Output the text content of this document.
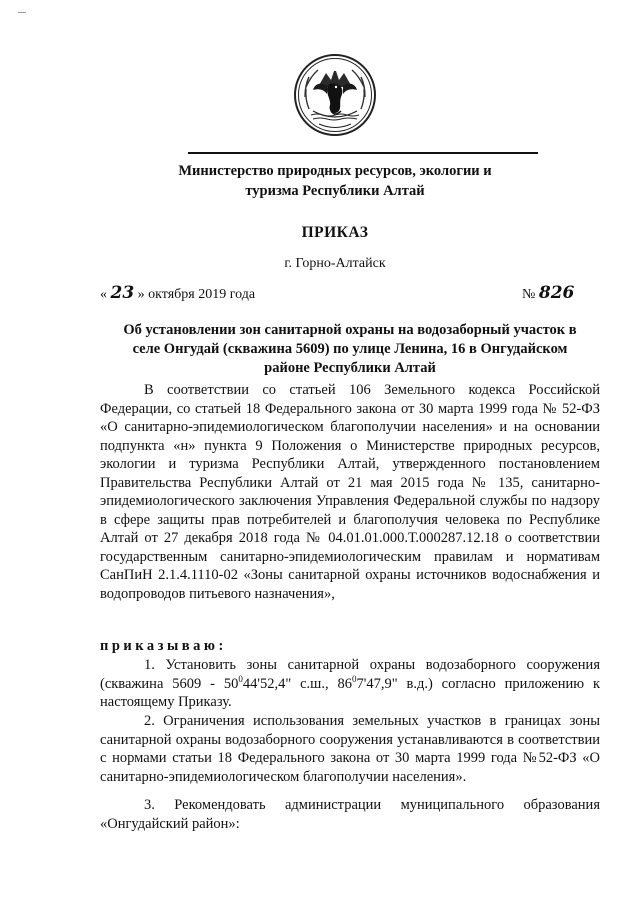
Министерство природных ресурсов, экологии и
туризма Республики Алтай
ПРИКАЗ
г. Горно-Алтайск
« 23 » октября 2019 года	№ 826
Об установлении зон санитарной охраны на водозаборный участок в
селе Онгудай (скважина 5609) по улице Ленина, 16 в Онгудайском
районе Республики Алтай

В соответствии со статьей 106 Земельного кодекса Российской Федерации, со статьей 18 Федерального закона от 30 марта 1999 года № 52-ФЗ «О санитарно-эпидемиологическом благополучии населения» и на основании подпункта «н» пункта 9 Положения о Министерстве природных ресурсов, экологии и туризма Республики Алтай, утвержденного постановлением Правительства Республики Алтай от 21 мая 2015 года № 135, санитарно-эпидемиологического заключения Управления Федеральной службы по надзору в сфере защиты прав потребителей и благополучия человека по Республике Алтай от 27 декабря 2018 года № 04.01.01.000.Т.000287.12.18 о соответствии государственным санитарно-эпидемиологическим правилам и нормативам СанПиН 2.1.4.1110-02 «Зоны санитарной охраны источников водоснабжения и водопроводов питьевого назначения»,

приказываю:

1. Установить зоны санитарной охраны водозаборного сооружения (скважина $5609 - 50^044'52,4$" с.ш., $86^07'47,9$" в.д.) согласно приложению к настоящему Приказу.

2. Ограничения использования земельных участков в границах зоны санитарной охраны водозаборного сооружения устанавливаются в соответствии с нормами статьи 18 Федерального закона от 30 марта 1999 года №52-ФЗ «О санитарно-эпидемиологическом благополучии населения».

3. Рекомендовать администрации муниципального образования «Онгудайский район»:
